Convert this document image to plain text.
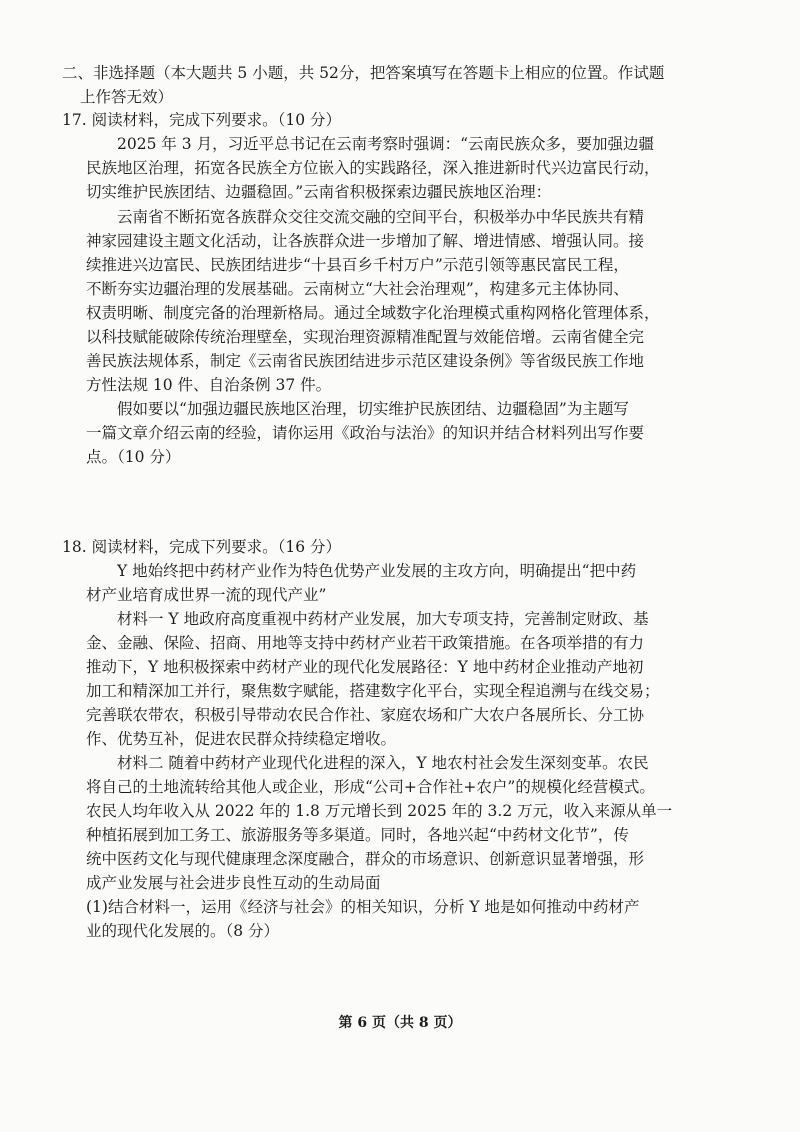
二、非选择题（本大题共 5 小题，共 52分，把答案填写在答题卡上相应的位置。作试题
上作答无效）
17. 阅读材料，完成下列要求。（10 分）
2025 年 3 月，习近平总书记在云南考察时强调：“云南民族众多，要加强边疆
民族地区治理，拓宽各民族全方位嵌入的实践路径，深入推进新时代兴边富民行动，
切实维护民族团结、边疆稳固。”云南省积极探索边疆民族地区治理：
云南省不断拓宽各族群众交往交流交融的空间平台，积极举办中华民族共有精
神家园建设主题文化活动，让各族群众进一步增加了解、增进情感、增强认同。接
续推进兴边富民、民族团结进步“十县百乡千村万户”示范引领等惠民富民工程，
不断夯实边疆治理的发展基础。云南树立“大社会治理观”，构建多元主体协同、
权责明晰、制度完备的治理新格局。通过全域数字化治理模式重构网格化管理体系，
以科技赋能破除传统治理壁垒，实现治理资源精准配置与效能倍增。云南省健全完
善民族法规体系，制定《云南省民族团结进步示范区建设条例》等省级民族工作地
方性法规 10 件、自治条例 37 件。
假如要以“加强边疆民族地区治理，切实维护民族团结、边疆稳固”为主题写
一篇文章介绍云南的经验，请你运用《政治与法治》的知识并结合材料列出写作要
点。（10 分）
18. 阅读材料，完成下列要求。（16 分）
Y 地始终把中药材产业作为特色优势产业发展的主攻方向，明确提出“把中药
材产业培育成世界一流的现代产业”
材料一 Y 地政府高度重视中药材产业发展，加大专项支持，完善制定财政、基
金、金融、保险、招商、用地等支持中药材产业若干政策措施。在各项举措的有力
推动下，Y 地积极探索中药材产业的现代化发展路径：Y 地中药材企业推动产地初
加工和精深加工并行，聚焦数字赋能，搭建数字化平台，实现全程追溯与在线交易；
完善联农带农，积极引导带动农民合作社、家庭农场和广大农户各展所长、分工协
作、优势互补，促进农民群众持续稳定增收。
材料二 随着中药材产业现代化进程的深入，Y 地农村社会发生深刻变革。农民
将自己的土地流转给其他人或企业，形成“公司+合作社+农户”的规模化经营模式。
农民人均年收入从 2022 年的 1.8 万元增长到 2025 年的 3.2 万元，收入来源从单一
种植拓展到加工务工、旅游服务等多渠道。同时，各地兴起“中药材文化节”，传
统中医药文化与现代健康理念深度融合，群众的市场意识、创新意识显著增强，形
成产业发展与社会进步良性互动的生动局面
(1)结合材料一，运用《经济与社会》的相关知识，分析 Y 地是如何推动中药材产
业的现代化发展的。（8 分）
第 6 页（共 8 页）
